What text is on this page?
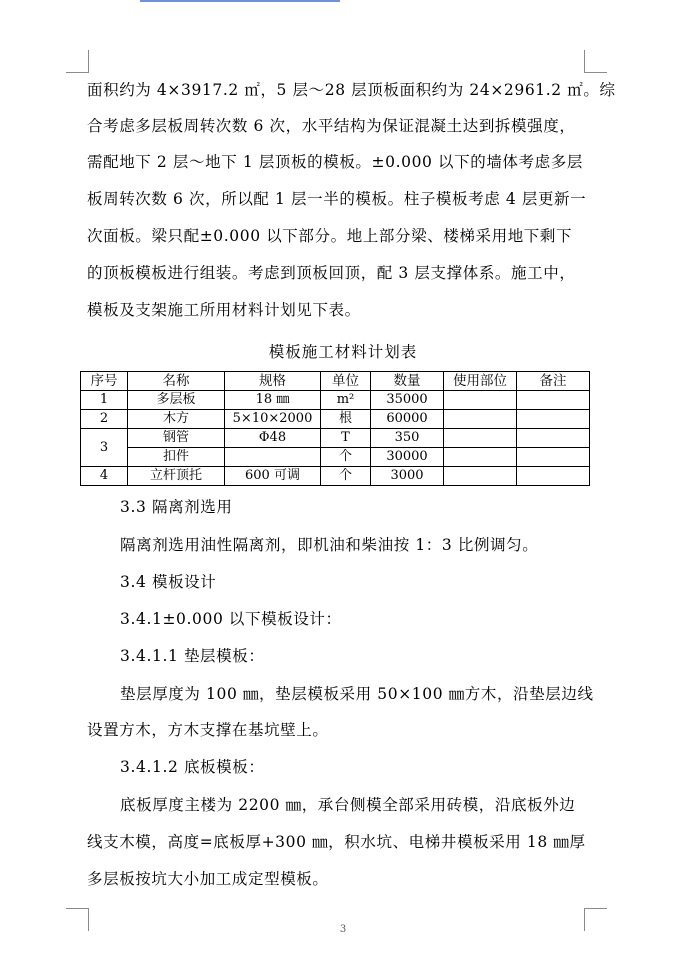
面积约为 4×3917.2 ㎡，5 层～28 层顶板面积约为 24×2961.2 ㎡。综
合考虑多层板周转次数 6 次，水平结构为保证混凝土达到拆模强度，
需配地下 2 层～地下 1 层顶板的模板。±0.000 以下的墙体考虑多层
板周转次数 6 次，所以配 1 层一半的模板。柱子模板考虑 4 层更新一
次面板。梁只配±0.000 以下部分。地上部分梁、楼梯采用地下剩下
的顶板模板进行组装。考虑到顶板回顶，配 3 层支撑体系。施工中，
模板及支架施工所用材料计划见下表。
模板施工材料计划表
序号	名称	规格	单位	数量	使用部位	备注
1	多层板	18 ㎜	m²	35000		
2	木方	5×10×2000	根	60000		
3	钢管	Φ48	T	350		
	扣件		个	30000		
4	立杆顶托	600 可调	个	3000		
3.3 隔离剂选用
隔离剂选用油性隔离剂，即机油和柴油按 1：3 比例调匀。
3.4 模板设计
3.4.1±0.000 以下模板设计：
3.4.1.1 垫层模板：
垫层厚度为 100 ㎜，垫层模板采用 50×100 ㎜方木，沿垫层边线
设置方木，方木支撑在基坑壁上。
3.4.1.2 底板模板：
底板厚度主楼为 2200 ㎜，承台侧模全部采用砖模，沿底板外边
线支木模，高度=底板厚+300 ㎜，积水坑、电梯井模板采用 18 ㎜厚
多层板按坑大小加工成定型模板。
3
